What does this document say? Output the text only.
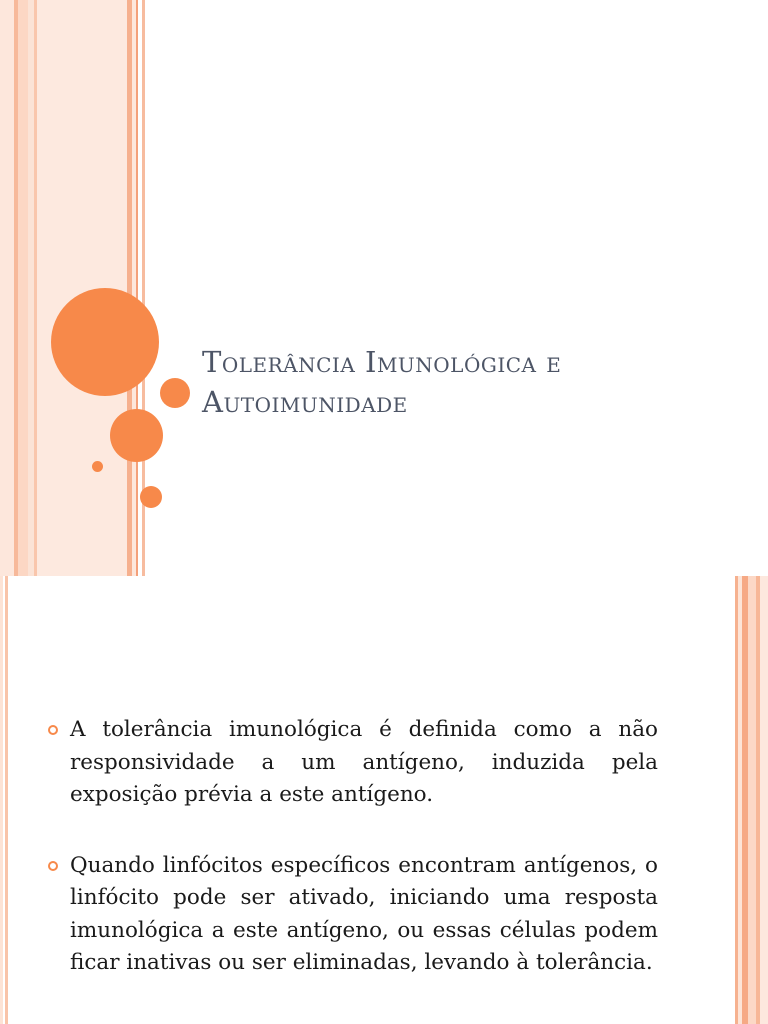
Tolerância Imunológica e
Autoimunidade
A tolerância imunológica é definida como a não responsividade a um antígeno, induzida pela exposição prévia a este antígeno.
Quando linfócitos específicos encontram antígenos, o linfócito pode ser ativado, iniciando uma resposta imunológica a este antígeno, ou essas células podem ficar inativas ou ser eliminadas, levando à tolerância.
